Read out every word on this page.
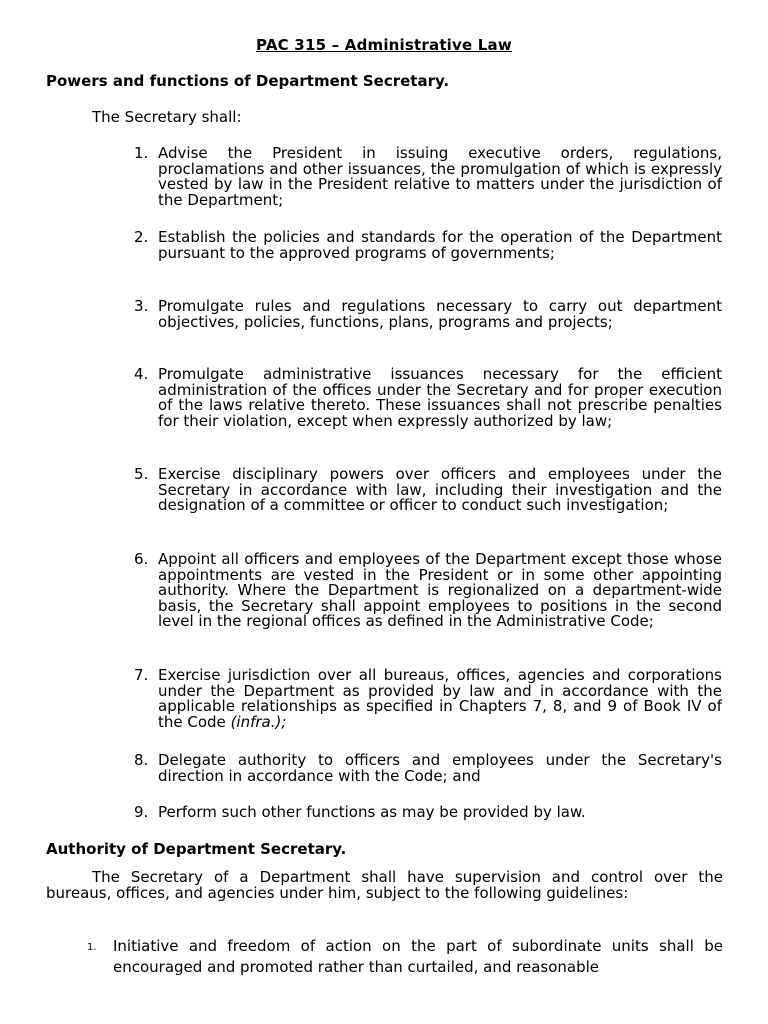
PAC 315 – Administrative Law
Powers and functions of Department Secretary.
The Secretary shall:
1. Advise the President in issuing executive orders, regulations, proclamations and other issuances, the promulgation of which is expressly vested by law in the President relative to matters under the jurisdiction of the Department;
2. Establish the policies and standards for the operation of the Department pursuant to the approved programs of governments;
3. Promulgate rules and regulations necessary to carry out department objectives, policies, functions, plans, programs and projects;
4. Promulgate administrative issuances necessary for the efficient administration of the offices under the Secretary and for proper execution of the laws relative thereto. These issuances shall not prescribe penalties for their violation, except when expressly authorized by law;
5. Exercise disciplinary powers over officers and employees under the Secretary in accordance with law, including their investigation and the designation of a committee or officer to conduct such investigation;
6. Appoint all officers and employees of the Department except those whose appointments are vested in the President or in some other appointing authority. Where the Department is regionalized on a department-wide basis, the Secretary shall appoint employees to positions in the second level in the regional offices as defined in the Administrative Code;
7. Exercise jurisdiction over all bureaus, offices, agencies and corporations under the Department as provided by law and in accordance with the applicable relationships as specified in Chapters 7, 8, and 9 of Book IV of the Code (infra.);
8. Delegate authority to officers and employees under the Secretary's direction in accordance with the Code; and
9. Perform such other functions as may be provided by law.
Authority of Department Secretary.
The Secretary of a Department shall have supervision and control over the bureaus, offices, and agencies under him, subject to the following guidelines:
1. Initiative and freedom of action on the part of subordinate units shall be encouraged and promoted rather than curtailed, and reasonable
